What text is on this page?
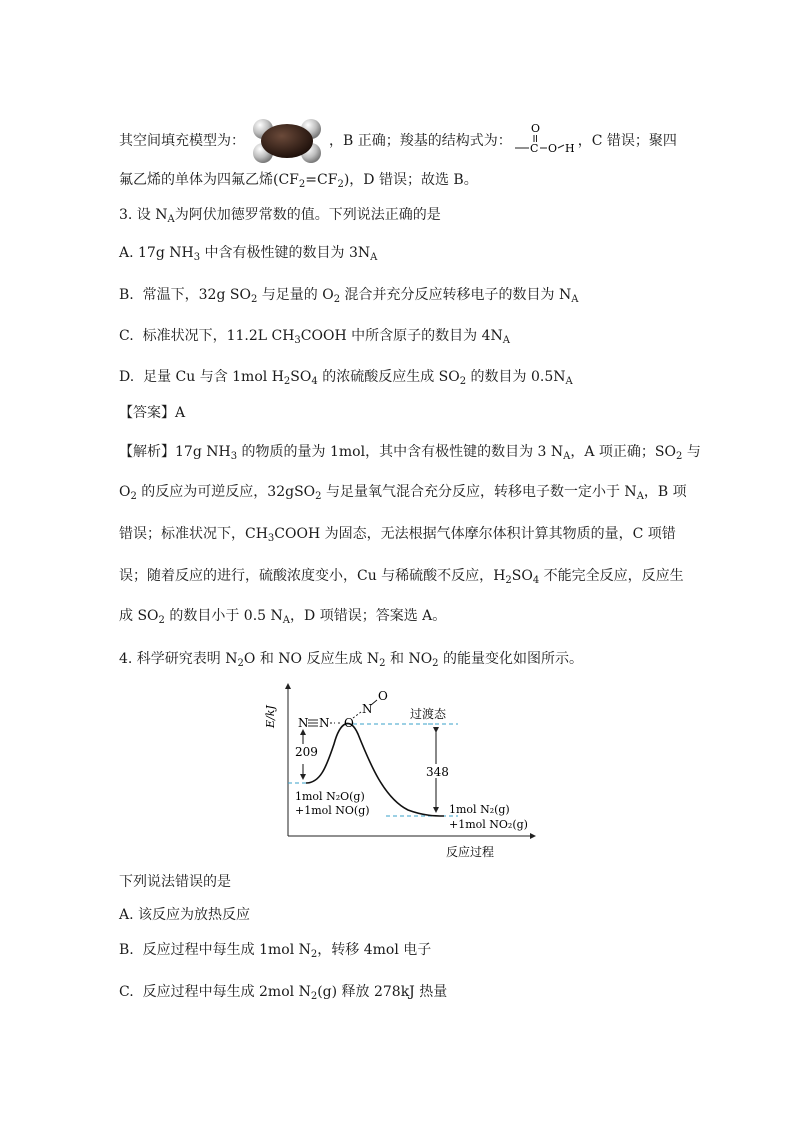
其空间填充模型为：	，B 正确；羧基的结构式为：
O
C O H ，C 错误；聚四
氟乙烯的单体为四氟乙烯$(CF_2=CF_2)$，D 错误；故选 B。
3. 设 $N_A$为阿伏加德罗常数的值。下列说法正确的是
A. 17g $NH_3$ 中含有极性键的数目为 $3N_A$
B.  常温下，32g $SO_2$ 与足量的 $O_2$ 混合并充分反应转移电子的数目为 $N_A$
C.  标准状况下，11.2L $CH_3COOH$ 中所含原子的数目为 $4N_A$
D.  足量 Cu 与含 1mol $H_2SO_4$ 的浓硫酸反应生成 $SO_2$ 的数目为 $0.5N_A$
【答案】A
【解析】17g $NH_3$ 的物质的量为 1mol，其中含有极性键的数目为 3 $N_A$，A 项正确；$SO_2$ 与
$O_2$ 的反应为可逆反应，32gSO$_2$ 与足量氧气混合充分反应，转移电子数一定小于 $N_A$，B 项
错误；标准状况下，$CH_3COOH$ 为固态，无法根据气体摩尔体积计算其物质的量，C 项错
误；随着反应的进行，硫酸浓度变小，Cu 与稀硫酸不反应，$H_2SO_4$ 不能完全反应，反应生
成 $SO_2$ 的数目小于 0.5 $N_A$，D 项错误；答案选 A。
4. 科学研究表明 $N_2O$ 和 NO 反应生成 $N_2$ 和 $NO_2$ 的能量变化如图所示。
E/kJ
反应过程
N N O
N
O
过渡态
209
348
1mol N₂O(g)
+1mol NO(g)	1mol N₂(g)
+1mol NO₂(g)
下列说法错误的是
A. 该反应为放热反应
B.  反应过程中每生成 1mol $N_2$，转移 4mol 电子
C.  反应过程中每生成 2mol $N_2(g)$ 释放 278kJ 热量
